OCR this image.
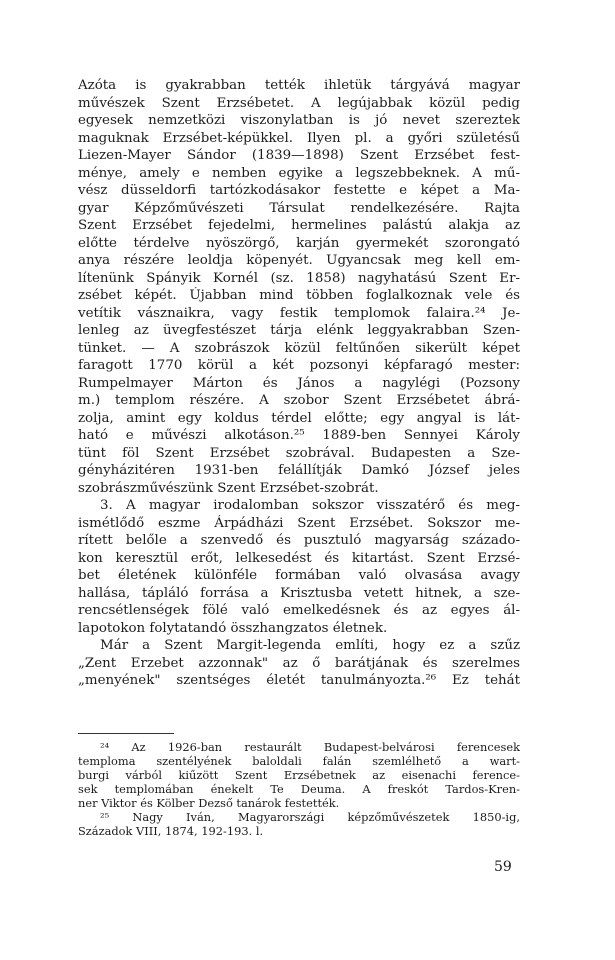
Azóta is gyakrabban tették ihletük tárgyává magyar
művészek Szent Erzsébetet. A legújabbak közül pedig
egyesek nemzetközi viszonylatban is jó nevet szereztek
maguknak Erzsébet-képükkel. Ilyen pl. a győri születésű
Liezen-Mayer Sándor (1839—1898) Szent Erzsébet fest-
ménye, amely e nemben egyike a legszebbeknek. A mű-
vész düsseldorfi tartózkodásakor festette e képet a Ma-
gyar Képzőművészeti Társulat rendelkezésére. Rajta
Szent Erzsébet fejedelmi, hermelines palástú alakja az
előtte térdelve nyöszörgő, karján gyermekét szorongató
anya részére leoldja köpenyét. Ugyancsak meg kell em-
lítenünk Spányik Kornél (sz. 1858) nagyhatású Szent Er-
zsébet képét. Újabban mind többen foglalkoznak vele és
vetítik vásznaikra, vagy festik templomok falaira.²⁴ Je-
lenleg az üvegfestészet tárja elénk leggyakrabban Szen-
tünket. — A szobrászok közül feltűnően sikerült képet
faragott 1770 körül a két pozsonyi képfaragó mester:
Rumpelmayer Márton és János a nagylégi (Pozsony
m.) templom részére. A szobor Szent Erzsébetet ábrá-
zolja, amint egy koldus térdel előtte; egy angyal is lát-
ható e művészi alkotáson.²⁵ 1889-ben Sennyei Károly
tünt föl Szent Erzsébet szobrával. Budapesten a Sze-
gényházitéren 1931-ben felállítják Damkó József jeles
szobrászművészünk Szent Erzsébet-szobrát.
3. A magyar irodalomban sokszor visszatérő és meg-
ismétlődő eszme Árpádházi Szent Erzsébet. Sokszor me-
rített belőle a szenvedő és pusztuló magyarság százado-
kon keresztül erőt, lelkesedést és kitartást. Szent Erzsé-
bet életének különféle formában való olvasása avagy
hallása, tápláló forrása a Krisztusba vetett hitnek, a sze-
rencsétlenségek fölé való emelkedésnek és az egyes ál-
lapotokon folytatandó összhangzatos életnek.
Már a Szent Margit-legenda említi, hogy ez a szűz
„Zent Erzebet azzonnak" az ő barátjának és szerelmes
„menyének" szentséges életét tanulmányozta.²⁶ Ez tehát
²⁴ Az 1926-ban restaurált Budapest-belvárosi ferencesek
temploma szentélyének baloldali falán szemlélhető a wart-
burgi várból kiűzött Szent Erzsébetnek az eisenachi ference-
sek templomában énekelt Te Deuma. A freskót Tardos-Kren-
ner Viktor és Kölber Dezső tanárok festették.
²⁵ Nagy Iván, Magyarországi képzőművészetek 1850-ig,
Századok VIII, 1874, 192-193. l.
59
